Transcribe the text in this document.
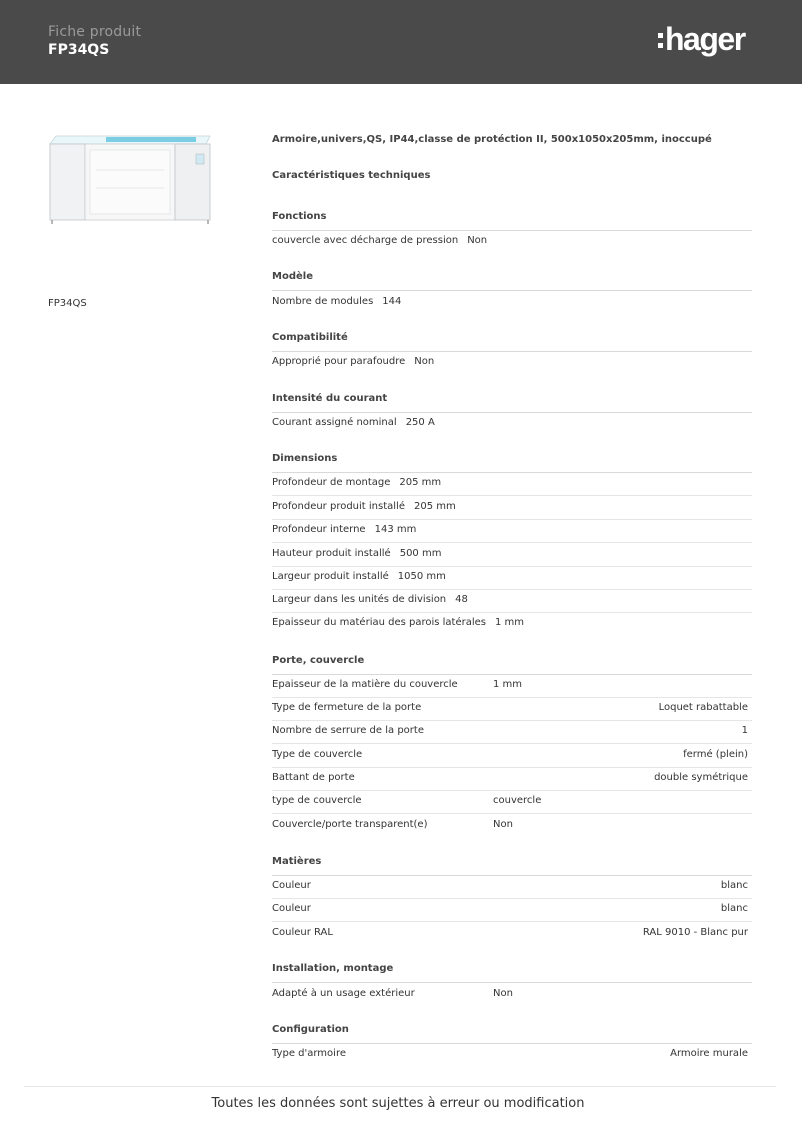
Fiche produit
FP34QS	hager
FP34QS
Armoire,univers,QS, IP44,classe de protéction II, 500x1050x205mm, inoccupé
Caractéristiques techniques
Fonctions
couvercle avec décharge de pression Non
Modèle
Nombre de modules 144
Compatibilité
Approprié pour parafoudre Non
Intensité du courant
Courant assigné nominal 250 A
Dimensions
Profondeur de montage 205 mm
Profondeur produit installé 205 mm
Profondeur interne 143 mm
Hauteur produit installé 500 mm
Largeur produit installé 1050 mm
Largeur dans les unités de division 48
Epaisseur du matériau des parois latérales 1 mm
Porte, couvercle
Epaisseur de la matière du couvercle	1 mm
Type de fermeture de la porte	Loquet rabattable
Nombre de serrure de la porte	1
Type de couvercle	fermé (plein)
Battant de porte	double symétrique
type de couvercle	couvercle
Couvercle/porte transparent(e)	Non
Matières
Couleur	blanc
Couleur	blanc
Couleur RAL	RAL 9010 - Blanc pur
Installation, montage
Adapté à un usage extérieur	Non
Configuration
Type d'armoire	Armoire murale
Toutes les données sont sujettes à erreur ou modification
